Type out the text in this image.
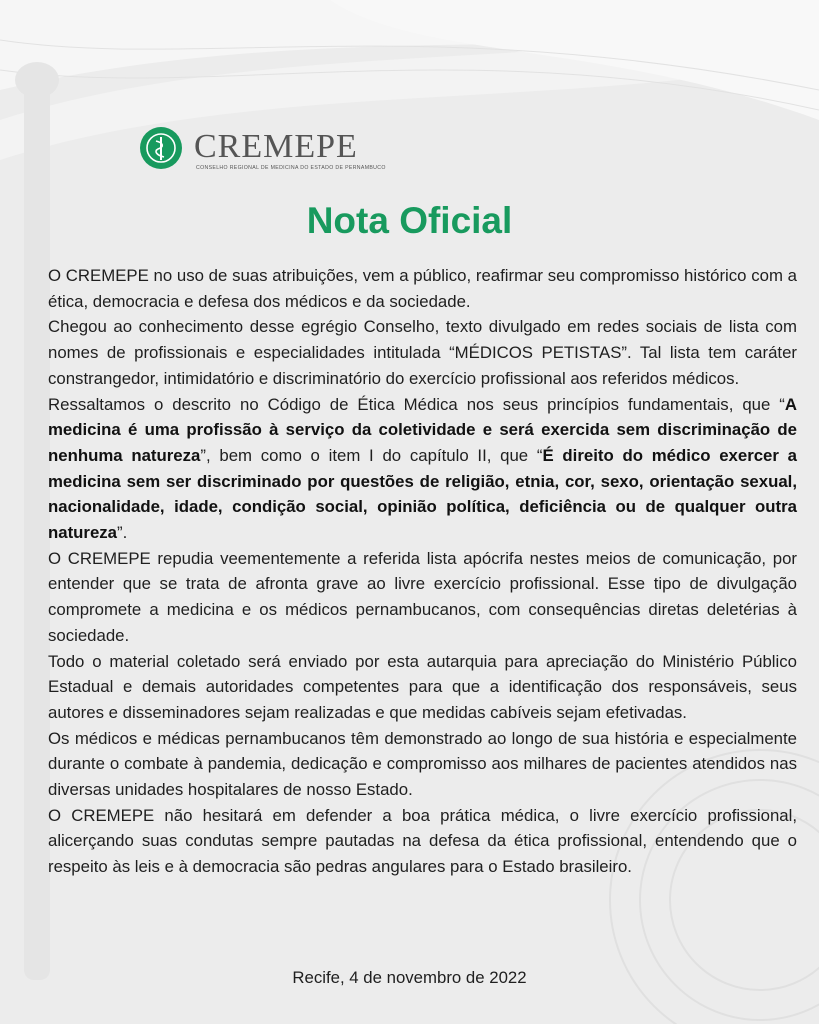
CREMEPE
CONSELHO REGIONAL DE MEDICINA DO ESTADO DE PERNAMBUCO
Nota Oficial

O CREMEPE no uso de suas atribuições, vem a público, reafirmar seu compromisso histórico com a ética, democracia e defesa dos médicos e da sociedade.

Chegou ao conhecimento desse egrégio Conselho, texto divulgado em redes sociais de lista com nomes de profissionais e especialidades intitulada “MÉDICOS PETISTAS”. Tal lista tem caráter constrangedor, intimidatório e discriminatório do exercício profissional aos referidos médicos.

Ressaltamos o descrito no Código de Ética Médica nos seus princípios fundamentais, que “A medicina é uma profissão à serviço da coletividade e será exercida sem discriminação de nenhuma natureza”, bem como o item I do capítulo II, que “É direito do médico exercer a medicina sem ser discriminado por questões de religião, etnia, cor, sexo, orientação sexual, nacionalidade, idade, condição social, opinião política, deficiência ou de qualquer outra natureza”.

O CREMEPE repudia veementemente a referida lista apócrifa nestes meios de comunicação, por entender que se trata de afronta grave ao livre exercício profissional. Esse tipo de divulgação compromete a medicina e os médicos pernambucanos, com consequências diretas deletérias à sociedade.

Todo o material coletado será enviado por esta autarquia para apreciação do Ministério Público Estadual e demais autoridades competentes para que a identificação dos responsáveis, seus autores e disseminadores sejam realizadas e que medidas cabíveis sejam efetivadas.

Os médicos e médicas pernambucanos têm demonstrado ao longo de sua história e especialmente durante o combate à pandemia, dedicação e compromisso aos milhares de pacientes atendidos nas diversas unidades hospitalares de nosso Estado.

O CREMEPE não hesitará em defender a boa prática médica, o livre exercício profissional, alicerçando suas condutas sempre pautadas na defesa da ética profissional, entendendo que o respeito às leis e à democracia são pedras angulares para o Estado brasileiro.

Recife, 4 de novembro de 2022
